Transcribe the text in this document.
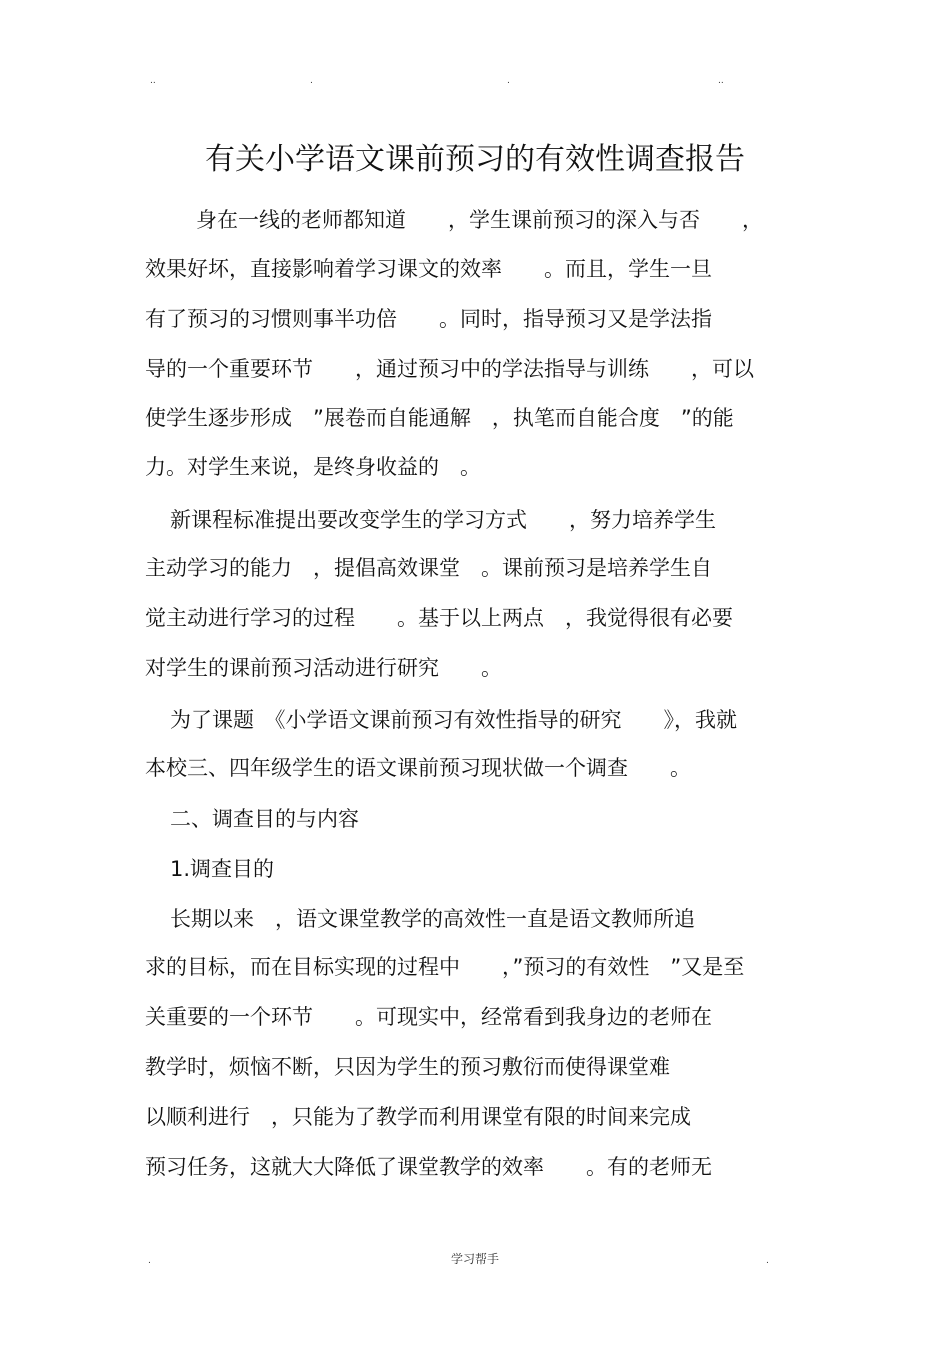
..	.	.	..
有关小学语文课前预习的有效性调查报告
身在一线的老师都知道　　，学生课前预习的深入与否　　，
效果好坏，直接影响着学习课文的效率　　。而且，学生一旦
有了预习的习惯则事半功倍　　。同时，指导预习又是学法指
导的一个重要环节　　，通过预习中的学法指导与训练　　，可以
使学生逐步形成　”展卷而自能通解　，执笔而自能合度　”的能
力。对学生来说，是终身收益的　。
新课程标准提出要改变学生的学习方式　　，努力培养学生
主动学习的能力　，提倡高效课堂　。课前预习是培养学生自
觉主动进行学习的过程　　。基于以上两点　，我觉得很有必要
对学生的课前预习活动进行研究　　。
为了课题　《小学语文课前预习有效性指导的研究　　》，我就
本校三、四年级学生的语文课前预习现状做一个调查　　。
二、调查目的与内容
1.调查目的
长期以来　，语文课堂教学的高效性一直是语文教师所追
求的目标，而在目标实现的过程中　　，”预习的有效性　”又是至
关重要的一个环节　　。可现实中，经常看到我身边的老师在
教学时，烦恼不断，只因为学生的预习敷衍而使得课堂难
以顺利进行　，只能为了教学而利用课堂有限的时间来完成
预习任务，这就大大降低了课堂教学的效率　　。有的老师无
.	学习帮手	.
